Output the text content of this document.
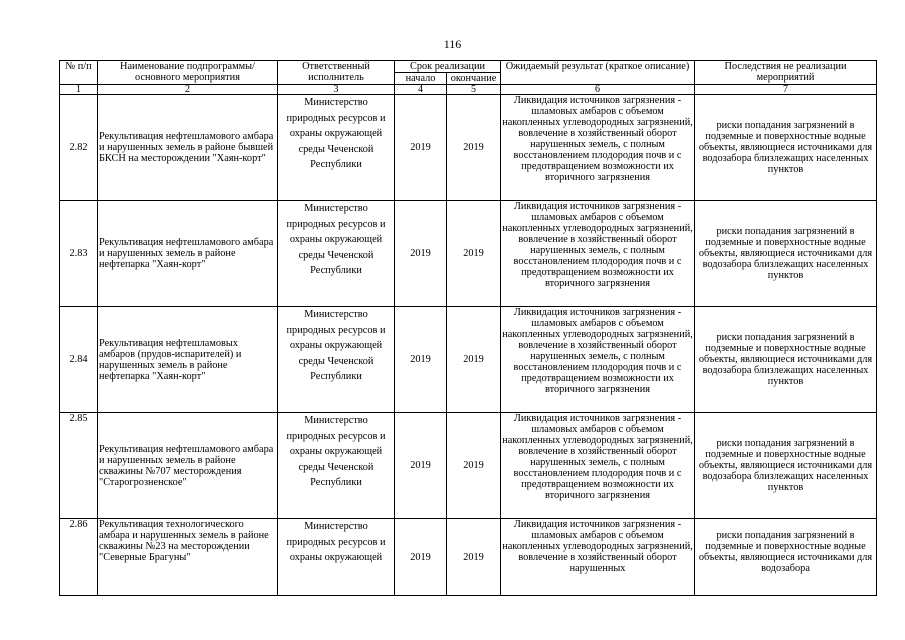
116
№ п/п	Наименование подпрограммы/ основного мероприятия	Ответственный исполнитель	Срок реализации		Ожидаемый результат (краткое описание)	Последствия не реализации мероприятий
			начало	окончание		
1	2	3	4	5	6	7
2.82	Рекультивация нефтешламового амбара и нарушенных земель в районе бывшей БКСН на месторождении "Хаян-корт"	Министерство природных ресурсов и охраны окружающей среды Чеченской Республики	2019	2019	Ликвидация источников загрязнения - шламовых амбаров с объемом накопленных углеводородных загрязнений, вовлечение в хозяйственный оборот нарушенных земель, с полным восстановлением плодородия почв и с предотвращением возможности их вторичного загрязнения	риски попадания загрязнений в подземные и поверхностные водные объекты, являющиеся источниками для водозабора близлежащих населенных пунктов
2.83	Рекультивация нефтешламового амбара и нарушенных земель в районе нефтепарка "Хаян-корт"	Министерство природных ресурсов и охраны окружающей среды Чеченской Республики	2019	2019	Ликвидация источников загрязнения - шламовых амбаров с объемом накопленных углеводородных загрязнений, вовлечение в хозяйственный оборот нарушенных земель, с полным восстановлением плодородия почв и с предотвращением возможности их вторичного загрязнения	риски попадания загрязнений в подземные и поверхностные водные объекты, являющиеся источниками для водозабора близлежащих населенных пунктов
2.84	Рекультивация нефтешламовых амбаров (прудов-испарителей) и нарушенных земель в районе нефтепарка "Хаян-корт"	Министерство природных ресурсов и охраны окружающей среды Чеченской Республики	2019	2019	Ликвидация источников загрязнения - шламовых амбаров с объемом накопленных углеводородных загрязнений, вовлечение в хозяйственный оборот нарушенных земель, с полным восстановлением плодородия почв и с предотвращением возможности их вторичного загрязнения	риски попадания загрязнений в подземные и поверхностные водные объекты, являющиеся источниками для водозабора близлежащих населенных пунктов
2.85	Рекультивация нефтешламового амбара и нарушенных земель в районе скважины №707 месторождения "Старогрозненское"	Министерство природных ресурсов и охраны окружающей среды Чеченской Республики	2019	2019	Ликвидация источников загрязнения - шламовых амбаров с объемом накопленных углеводородных загрязнений, вовлечение в хозяйственный оборот нарушенных земель, с полным восстановлением плодородия почв и с предотвращением возможности их вторичного загрязнения	риски попадания загрязнений в подземные и поверхностные водные объекты, являющиеся источниками для водозабора близлежащих населенных пунктов
2.86	Рекультивация технологического амбара и нарушенных земель в районе скважины №23 на месторождении "Северные Брагуны"	Министерство природных ресурсов и охраны окружающей	2019	2019	Ликвидация источников загрязнения - шламовых амбаров с объемом накопленных углеводородных загрязнений, вовлечение в хозяйственный оборот нарушенных	риски попадания загрязнений в подземные и поверхностные водные объекты, являющиеся источниками для водозабора
